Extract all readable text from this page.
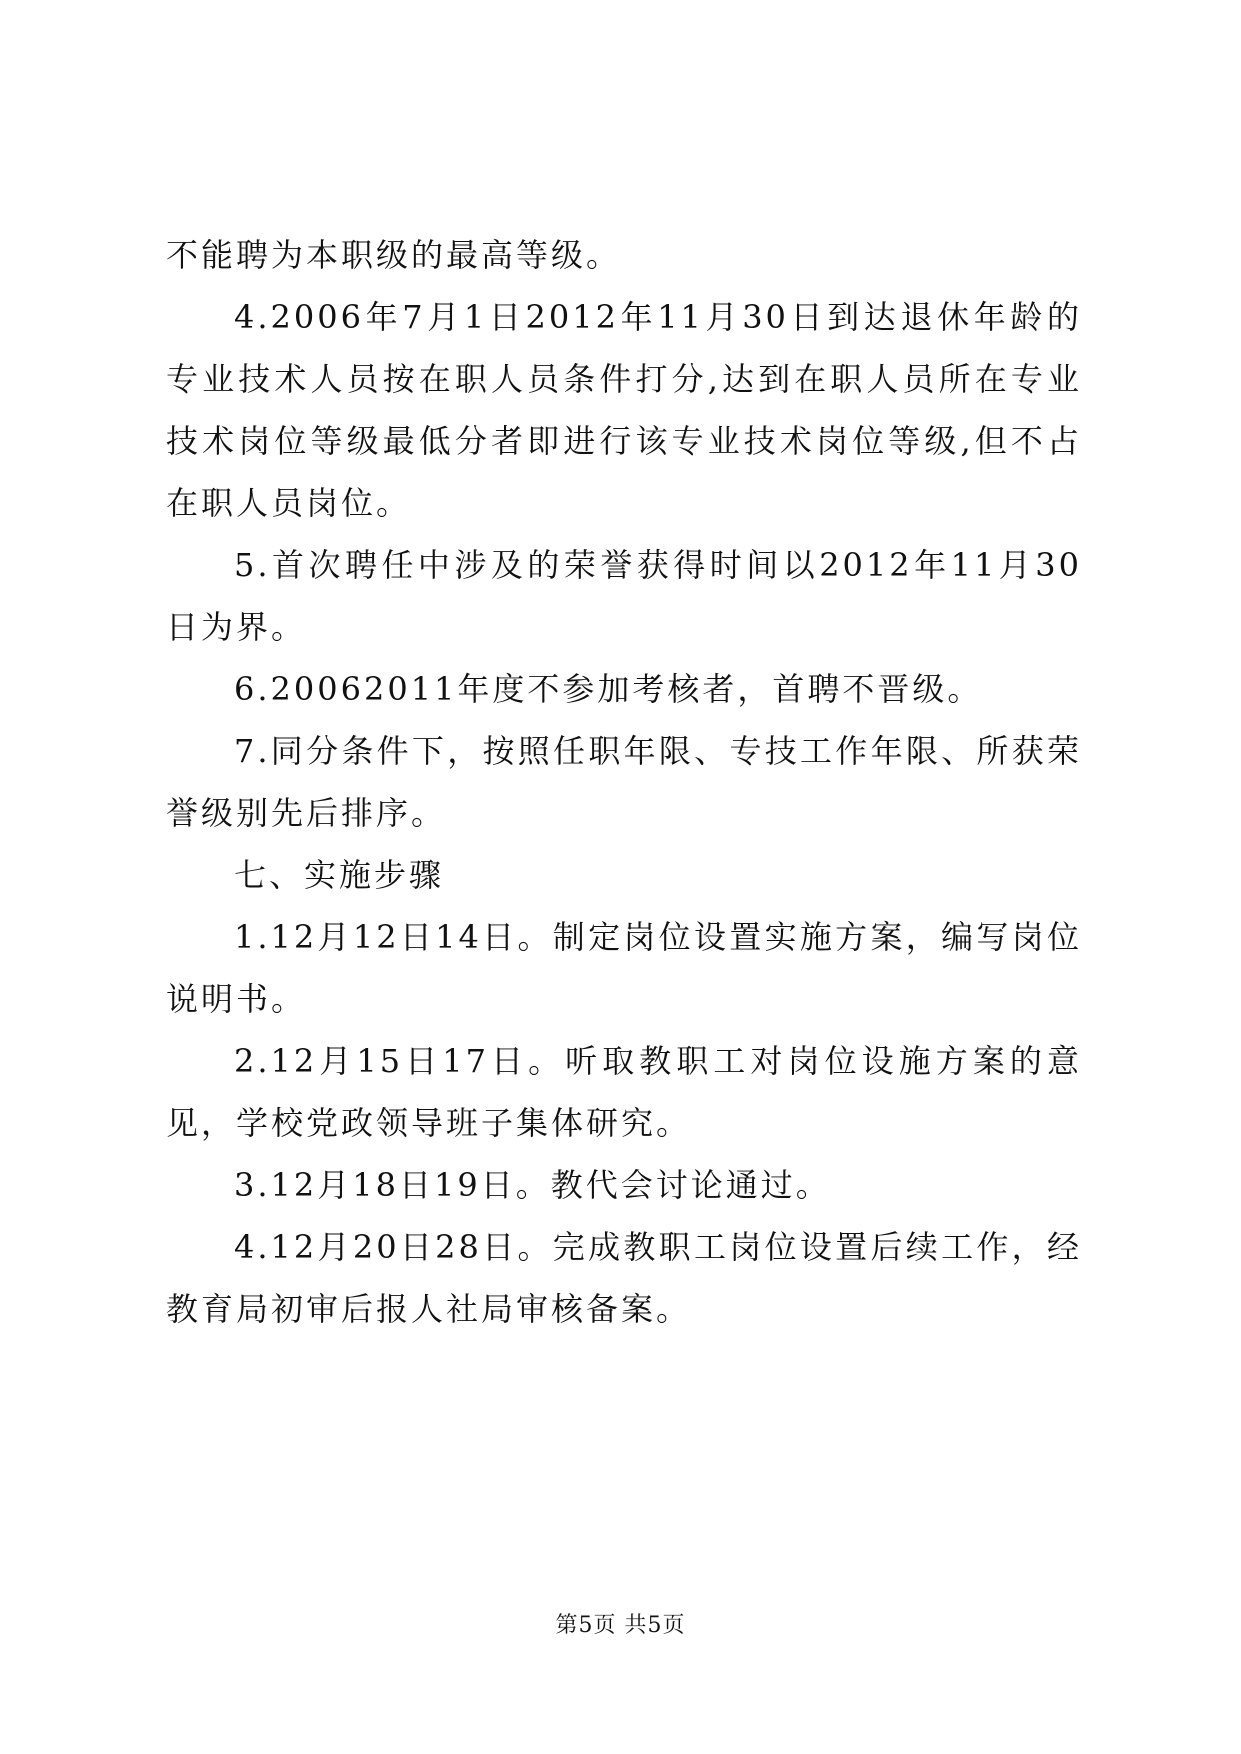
不能聘为本职级的最高等级。

4.2006年7月1日2012年11月30日到达退休年龄的专业技术人员按在职人员条件打分,达到在职人员所在专业技术岗位等级最低分者即进行该专业技术岗位等级,但不占在职人员岗位。

5.首次聘任中涉及的荣誉获得时间以2012年11月30日为界。

6.20062011年度不参加考核者，首聘不晋级。

7.同分条件下，按照任职年限、专技工作年限、所获荣誉级别先后排序。

七、实施步骤

1.12月12日14日。制定岗位设置实施方案，编写岗位说明书。

2.12月15日17日。听取教职工对岗位设施方案的意见，学校党政领导班子集体研究。

3.12月18日19日。教代会讨论通过。

4.12月20日28日。完成教职工岗位设置后续工作，经教育局初审后报人社局审核备案。

第5页 共5页
